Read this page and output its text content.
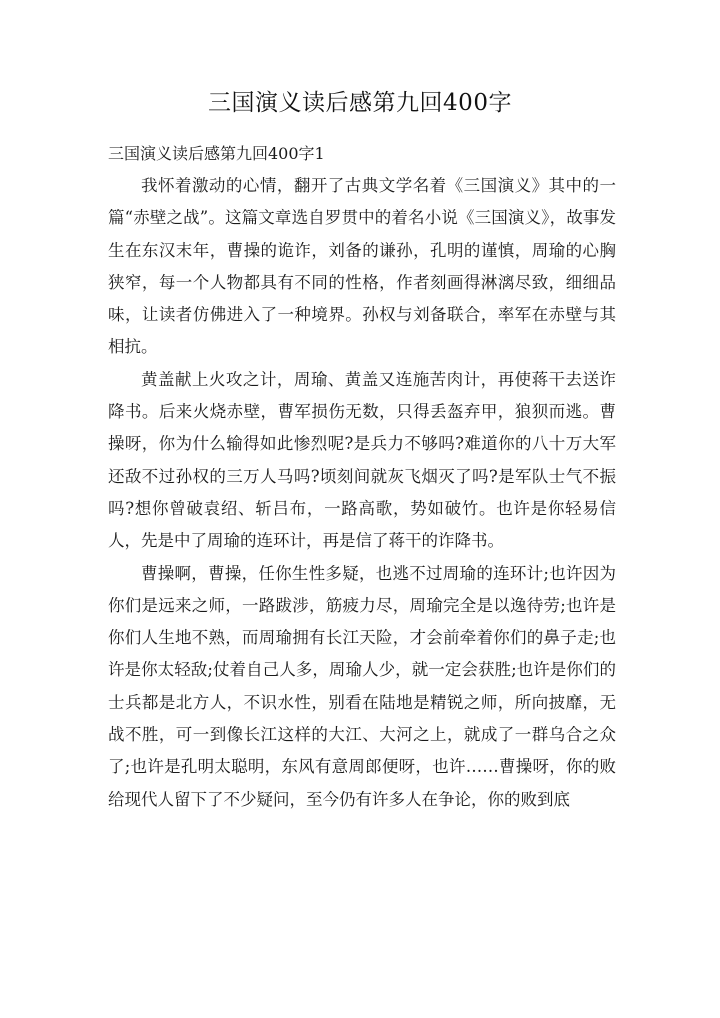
三国演义读后感第九回400字
三国演义读后感第九回400字1

我怀着激动的心情，翻开了古典文学名着《三国演义》其中的一篇“赤壁之战”。这篇文章选自罗贯中的着名小说《三国演义》，故事发生在东汉末年，曹操的诡诈，刘备的谦孙，孔明的谨慎，周瑜的心胸狭窄，每一个人物都具有不同的性格，作者刻画得淋漓尽致，细细品味，让读者仿佛进入了一种境界。孙权与刘备联合，率军在赤壁与其相抗。

黄盖献上火攻之计，周瑜、黄盖又连施苦肉计，再使蒋干去送诈降书。后来火烧赤壁，曹军损伤无数，只得丢盔弃甲，狼狈而逃。曹操呀，你为什么输得如此惨烈呢?是兵力不够吗?难道你的八十万大军还敌不过孙权的三万人马吗?顷刻间就灰飞烟灭了吗?是军队士气不振吗?想你曾破袁绍、斩吕布，一路高歌，势如破竹。也许是你轻易信人，先是中了周瑜的连环计，再是信了蒋干的诈降书。

曹操啊，曹操，任你生性多疑，也逃不过周瑜的连环计;也许因为你们是远来之师，一路跋涉，筋疲力尽，周瑜完全是以逸待劳;也许是你们人生地不熟，而周瑜拥有长江天险，才会前牵着你们的鼻子走;也许是你太轻敌;仗着自己人多，周瑜人少，就一定会获胜;也许是你们的士兵都是北方人，不识水性，别看在陆地是精锐之师，所向披靡，无战不胜，可一到像长江这样的大江、大河之上，就成了一群乌合之众了;也许是孔明太聪明，东风有意周郎便呀，也许……曹操呀，你的败给现代人留下了不少疑问，至今仍有许多人在争论，你的败到底
